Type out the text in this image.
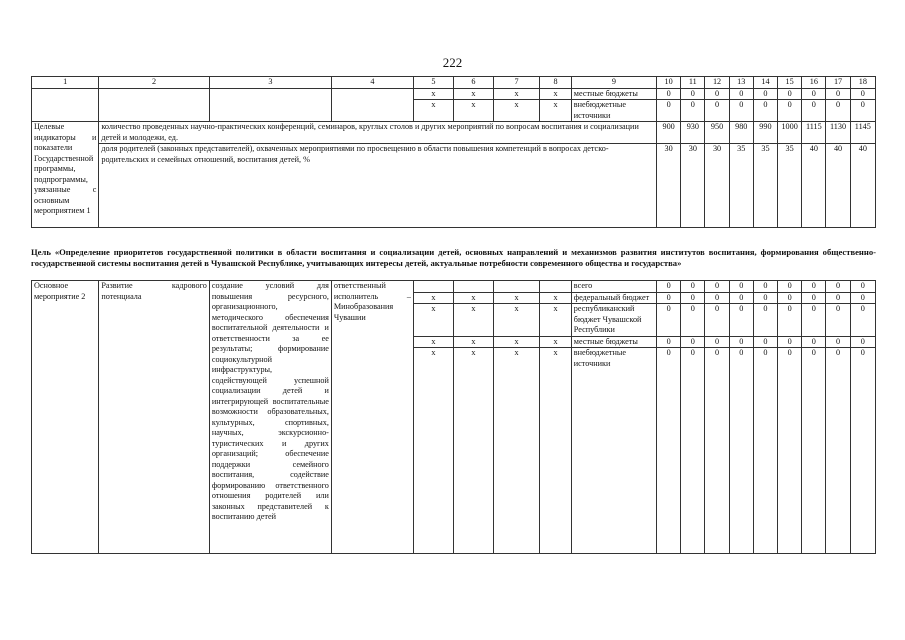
222
1	2	3	4	5	6	7	8	9	10	11	12	13	14	15	16	17	18
				x	x	x	x	местные бюджеты	0	0	0	0	0	0	0	0	0
				x	x	x	x	внебюджетные источники	0	0	0	0	0	0	0	0	0
Целевые индикаторы и показатели Государственной программы, подпрограммы, увязанные с основным мероприятием 1	количество проведенных научно-практических конференций, семинаров, круглых столов и других мероприятий по вопросам воспитания и социализации детей и молодежи, ед.								900	930	950	980	990	1000	1115	1130	1145
	доля родителей (законных представителей), охваченных мероприятиями по просвещению в области повышения компетенций в вопросах детско-родительских и семейных отношений, воспитания детей, %								30	30	30	35	35	35	40	40	40
Цель «Определение приоритетов государственной политики в области воспитания и социализации детей, основных направлений и механизмов развития институтов воспитания, формирования общественно-государственной системы воспитания детей в Чувашской Республике, учитывающих интересы детей, актуальные потребности современного общества и государства»
Основное мероприятие 2	Развитие кадрового потенциала	создание условий для повышения ресурсного, организационного, методического обеспечения воспитательной деятельности и ответственности за ее результаты; формирование социокультурной инфраструктуры, содействующей успешной социализации детей и интегрирующей воспитательные возможности образовательных, культурных, спортивных, научных, экскурсионно-туристических и других организаций; обеспечение поддержки семейного воспитания, содействие формированию ответственного отношения родителей или законных представителей к воспитанию детей	ответственный исполнитель – Минобразования Чувашии					всего	0	0	0	0	0	0	0	0	0
				x	x	x	x	федеральный бюджет	0	0	0	0	0	0	0	0	0
				x	x	x	x	республиканский бюджет Чувашской Республики	0	0	0	0	0	0	0	0	0
				x	x	x	x	местные бюджеты	0	0	0	0	0	0	0	0	0
				x	x	x	x	внебюджетные источники	0	0	0	0	0	0	0	0	0
